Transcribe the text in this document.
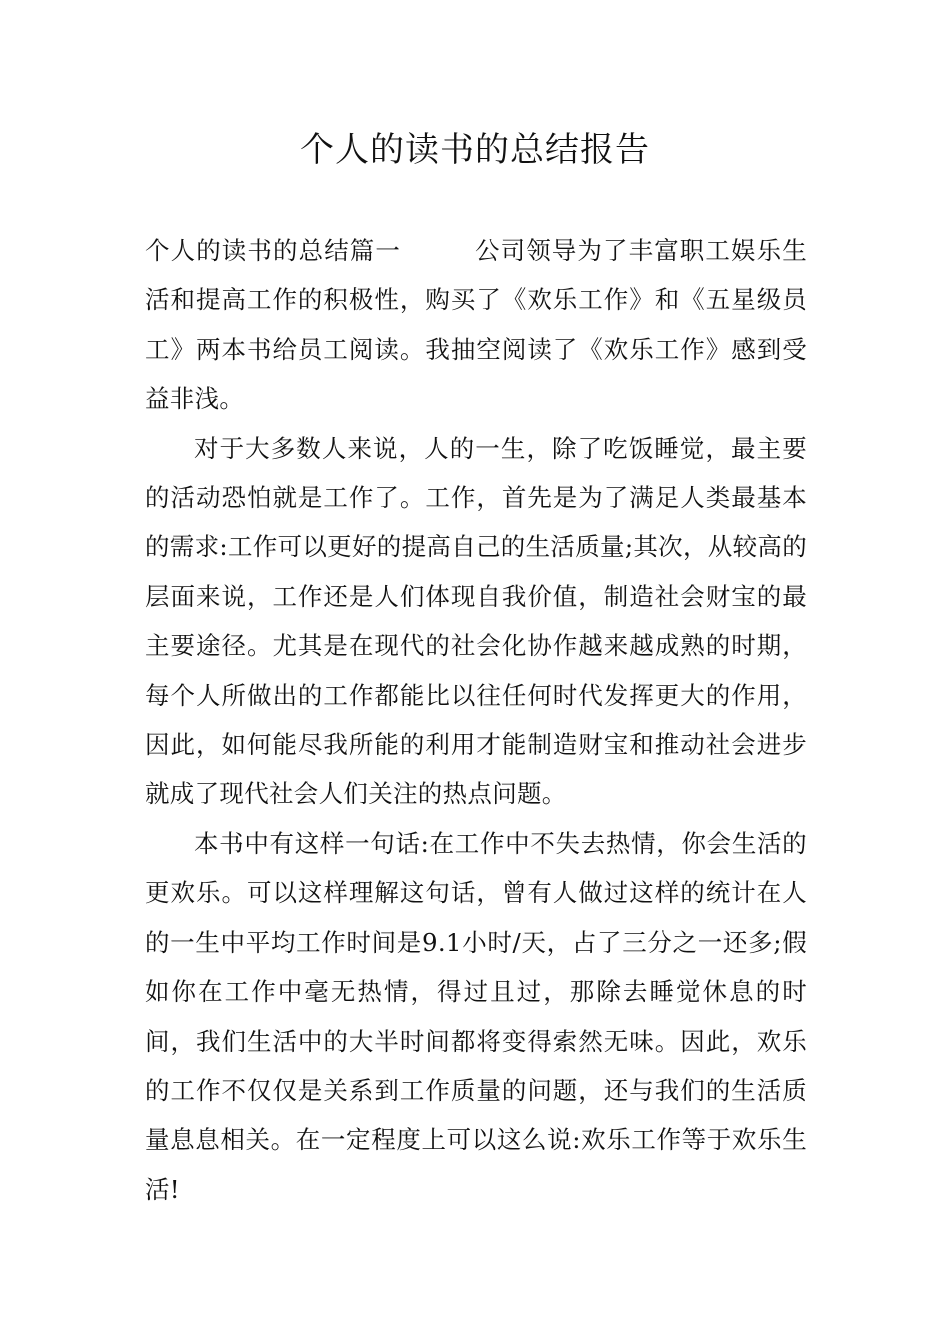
个人的读书的总结报告

个人的读书的总结篇一	公司领导为了丰富职工娱乐生活和提高工作的积极性，购买了《欢乐工作》和《五星级员工》两本书给员工阅读。我抽空阅读了《欢乐工作》感到受益非浅。

对于大多数人来说，人的一生，除了吃饭睡觉，最主要的活动恐怕就是工作了。工作，首先是为了满足人类最基本的需求:工作可以更好的提高自己的生活质量;其次，从较高的层面来说，工作还是人们体现自我价值，制造社会财宝的最主要途径。尤其是在现代的社会化协作越来越成熟的时期，每个人所做出的工作都能比以往任何时代发挥更大的作用，因此，如何能尽我所能的利用才能制造财宝和推动社会进步就成了现代社会人们关注的热点问题。

本书中有这样一句话:在工作中不失去热情，你会生活的更欢乐。可以这样理解这句话，曾有人做过这样的统计在人的一生中平均工作时间是9.1小时/天，占了三分之一还多;假如你在工作中毫无热情，得过且过，那除去睡觉休息的时间，我们生活中的大半时间都将变得索然无味。因此，欢乐的工作不仅仅是关系到工作质量的问题，还与我们的生活质量息息相关。在一定程度上可以这么说:欢乐工作等于欢乐生活!
